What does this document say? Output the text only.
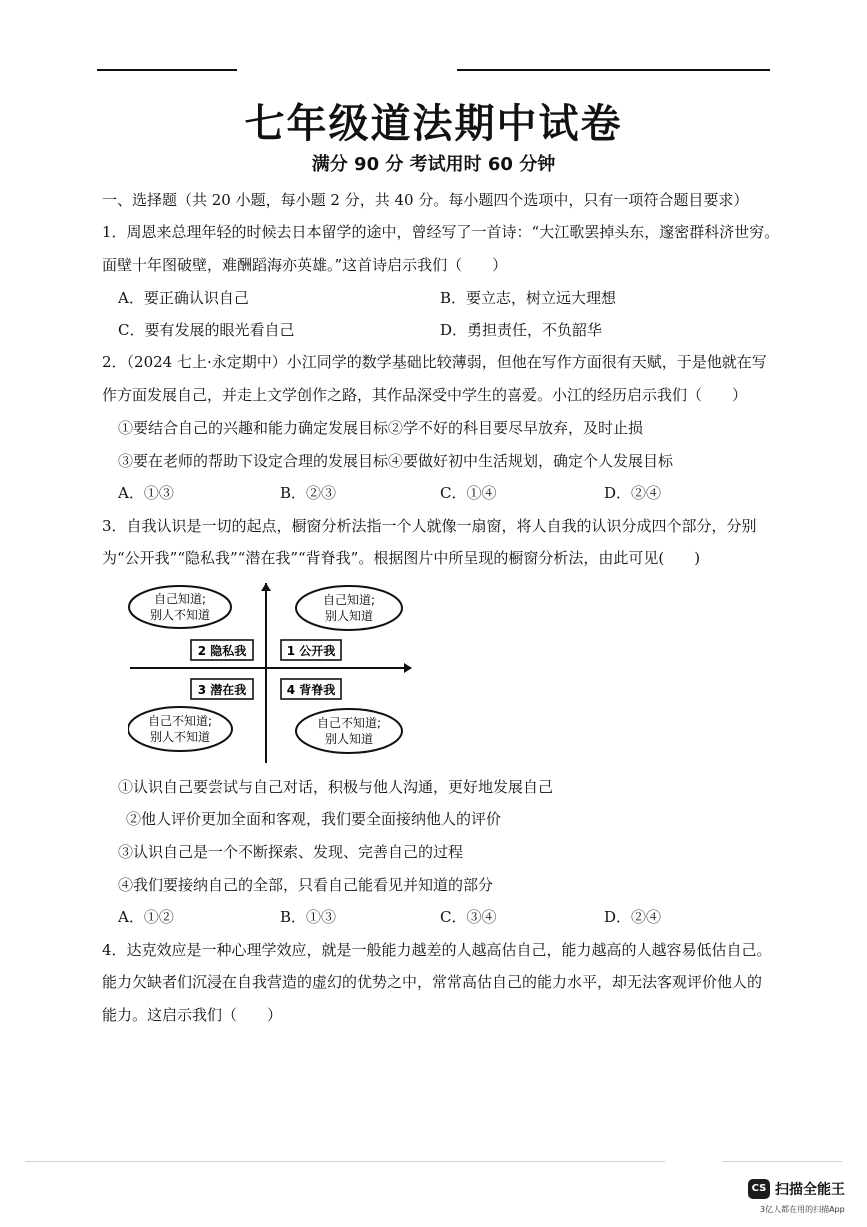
七年级道法期中试卷
满分 90 分 考试用时 60 分钟
一、选择题（共 20 小题，每小题 2 分，共 40 分。每小题四个选项中，只有一项符合题目要求）
1．周恩来总理年轻的时候去日本留学的途中，曾经写了一首诗：“大江歌罢掉头东，邃密群科济世穷。
面壁十年图破壁，难酬蹈海亦英雄。”这首诗启示我们（　　）
A．要正确认识自己	B．要立志，树立远大理想
C．要有发展的眼光看自己	D．勇担责任，不负韶华
2．（2024 七上·永定期中）小江同学的数学基础比较薄弱，但他在写作方面很有天赋，于是他就在写
作方面发展自己，并走上文学创作之路，其作品深受中学生的喜爱。小江的经历启示我们（　　）
①要结合自己的兴趣和能力确定发展目标②学不好的科目要尽早放弃，及时止损
③要在老师的帮助下设定合理的发展目标④要做好初中生活规划，确定个人发展目标
A．①③	B．②③	C．①④	D．②④
3．自我认识是一切的起点，橱窗分析法指一个人就像一扇窗，将人自我的认识分成四个部分，分别
为“公开我”“隐私我”“潜在我”“背脊我”。根据图片中所呈现的橱窗分析法，由此可见(　　)
自己知道;
别人不知道
自己知道;
别人知道
2 隐私我	1 公开我
3 潜在我	4 背脊我
自己不知道;
别人不知道
自己不知道;
别人知道
①认识自己要尝试与自己对话，积极与他人沟通，更好地发展自己
②他人评价更加全面和客观，我们要全面接纳他人的评价
③认识自己是一个不断探索、发现、完善自己的过程
④我们要接纳自己的全部，只看自己能看见并知道的部分
A．①②	B．①③	C．③④	D．②④
4．达克效应是一种心理学效应，就是一般能力越差的人越高估自己，能力越高的人越容易低估自己。
能力欠缺者们沉浸在自我营造的虚幻的优势之中，常常高估自己的能力水平，却无法客观评价他人的
能力。这启示我们（　　）
CS 扫描全能王
3亿人都在用的扫描App
